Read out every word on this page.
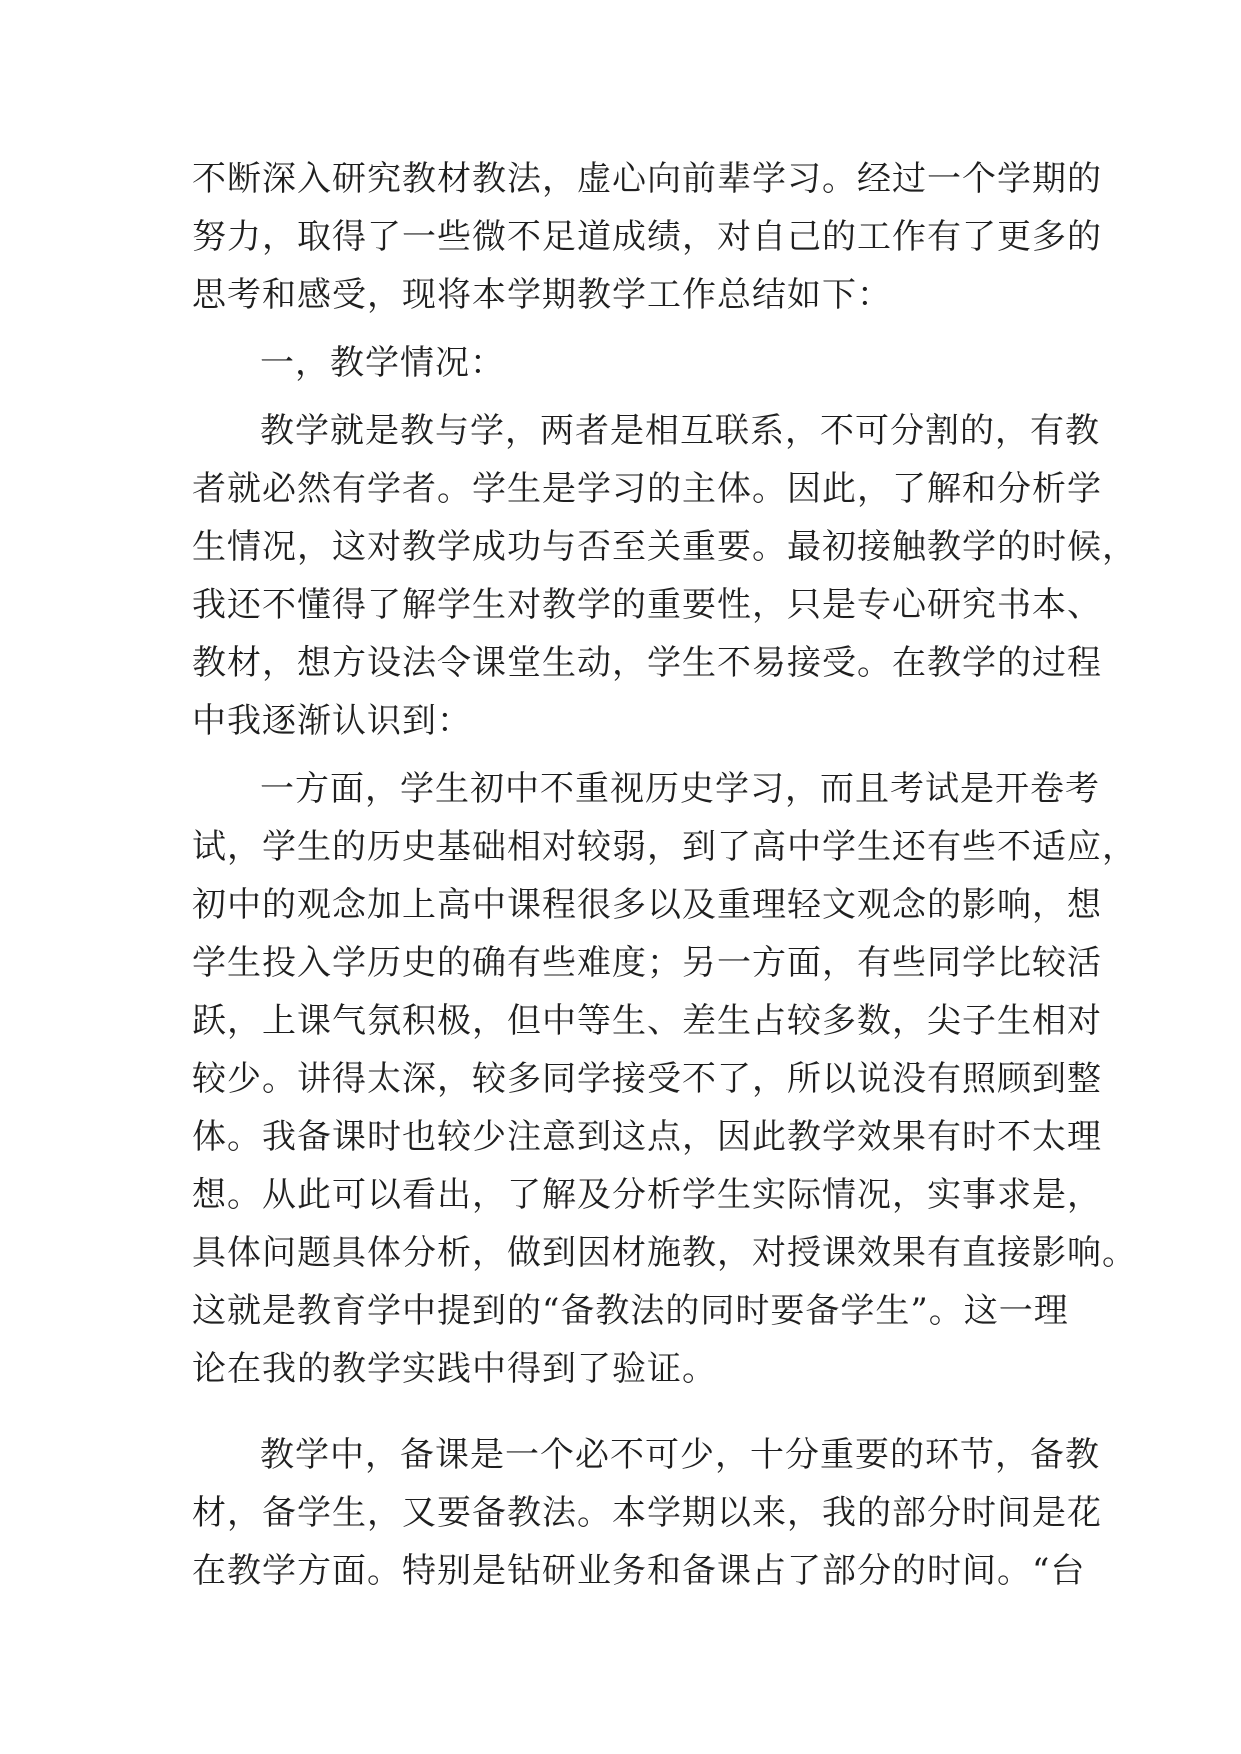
不断深入研究教材教法，虚心向前辈学习。经过一个学期的
努力，取得了一些微不足道成绩，对自己的工作有了更多的
思考和感受，现将本学期教学工作总结如下：
一，教学情况：
教学就是教与学，两者是相互联系，不可分割的，有教
者就必然有学者。学生是学习的主体。因此，了解和分析学
生情况，这对教学成功与否至关重要。最初接触教学的时候，
我还不懂得了解学生对教学的重要性，只是专心研究书本、
教材，想方设法令课堂生动，学生不易接受。在教学的过程
中我逐渐认识到：
一方面，学生初中不重视历史学习，而且考试是开卷考
试，学生的历史基础相对较弱，到了高中学生还有些不适应，
初中的观念加上高中课程很多以及重理轻文观念的影响，想
学生投入学历史的确有些难度；另一方面，有些同学比较活
跃，上课气氛积极，但中等生、差生占较多数，尖子生相对
较少。讲得太深，较多同学接受不了，所以说没有照顾到整
体。我备课时也较少注意到这点，因此教学效果有时不太理
想。从此可以看出，了解及分析学生实际情况，实事求是，
具体问题具体分析，做到因材施教，对授课效果有直接影响。
这就是教育学中提到的“备教法的同时要备学生”。这一理
论在我的教学实践中得到了验证。
教学中，备课是一个必不可少，十分重要的环节，备教
材，备学生，又要备教法。本学期以来，我的部分时间是花
在教学方面。特别是钻研业务和备课占了部分的时间。“台
